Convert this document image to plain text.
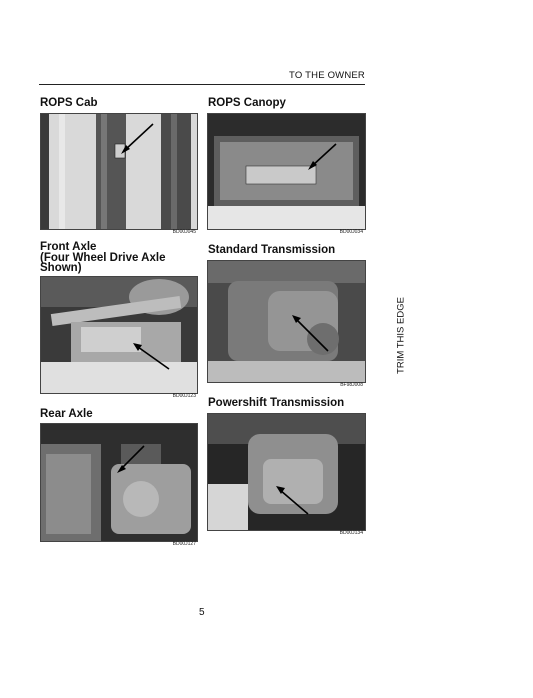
TO THE OWNER
ROPS Cab
BD00J045
ROPS Canopy
BD00J034
Front Axle
(Four Wheel Drive Axle
Shown)
BD00J123
Standard Transmission
BF98J008
Rear Axle
BD00J127
Powershift Transmission
BD00J134
TRIM THIS EDGE
5
